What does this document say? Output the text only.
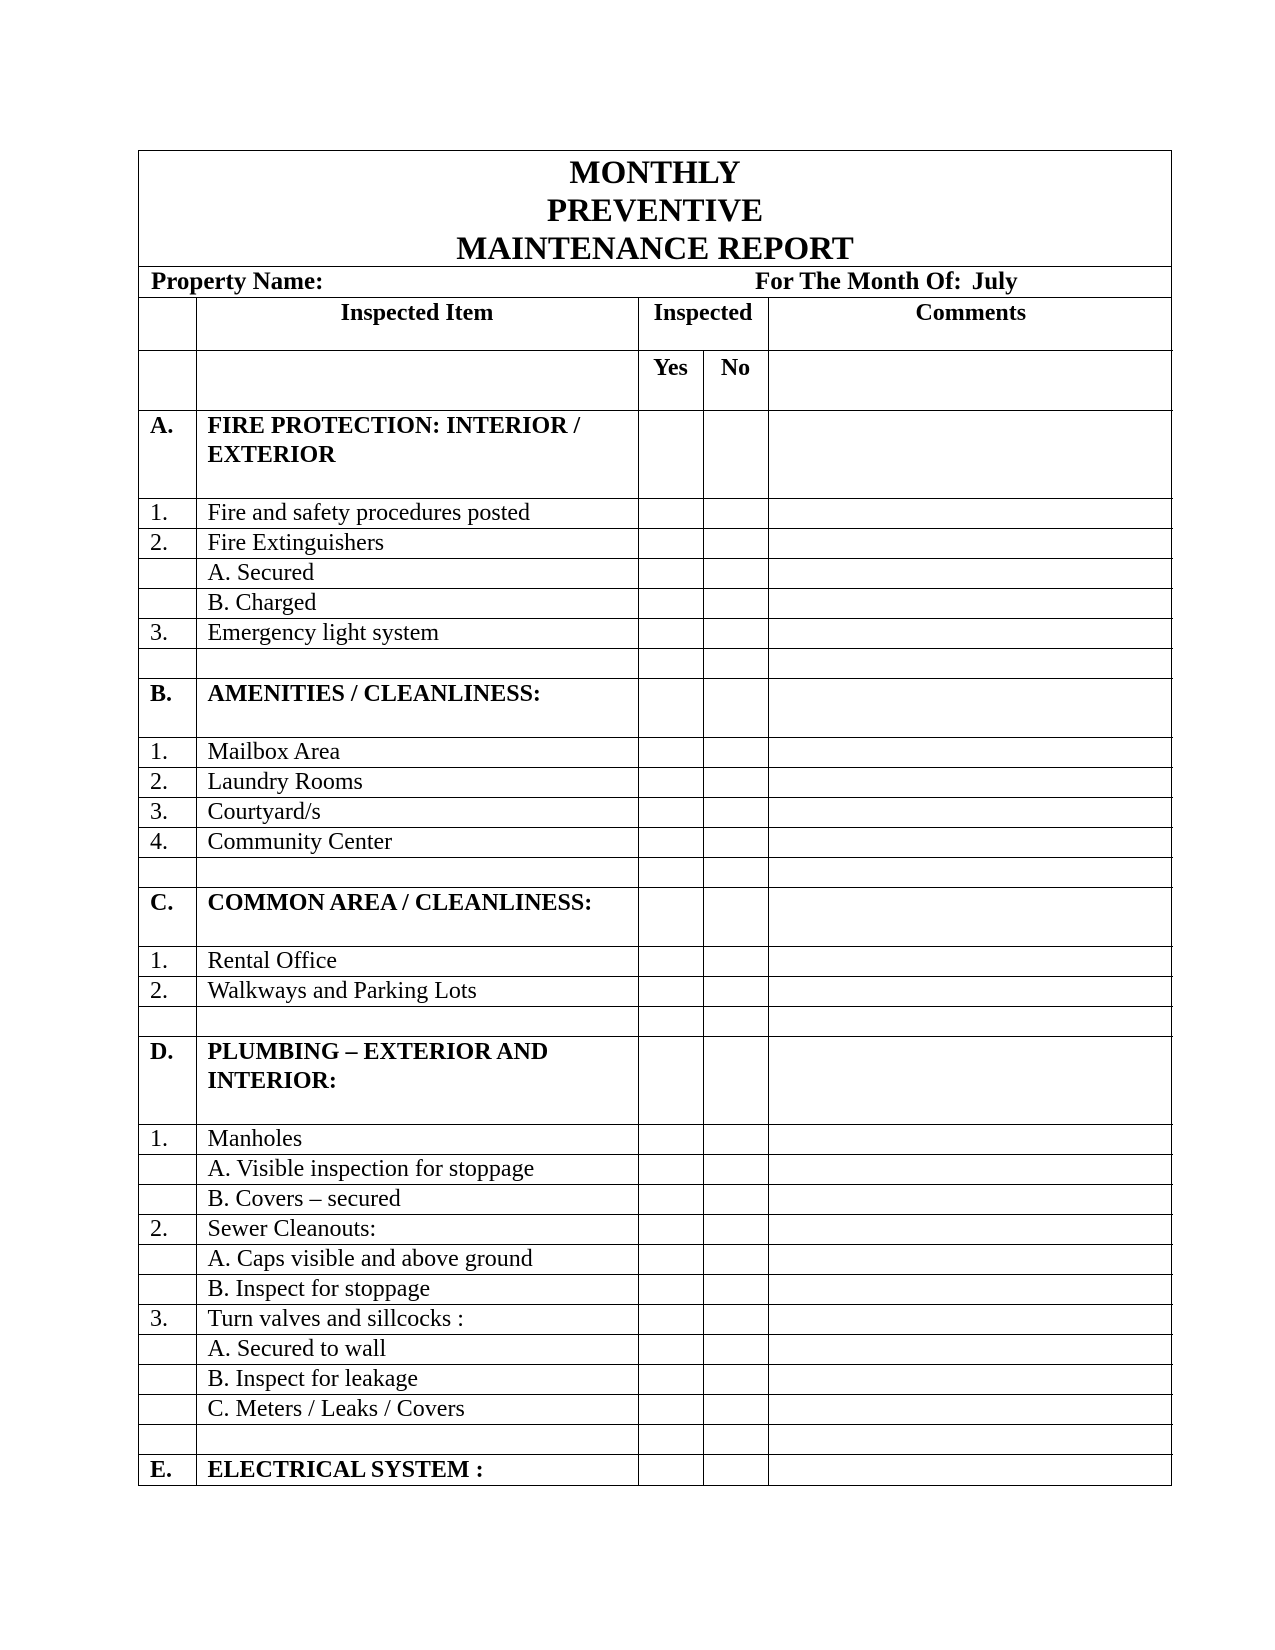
MONTHLY
PREVENTIVE
MAINTENANCE REPORT
Property Name:	For The Month Of: July
	Inspected Item	Inspected		Comments
		Yes	No	
A.	FIRE PROTECTION: INTERIOR / EXTERIOR			
1.	Fire and safety procedures posted			
2.	Fire Extinguishers			
	A. Secured			
	B. Charged			
3.	Emergency light system			

B.	AMENITIES / CLEANLINESS:			
1.	Mailbox Area			
2.	Laundry Rooms			
3.	Courtyard/s			
4.	Community Center			

C.	COMMON AREA / CLEANLINESS:			
1.	Rental Office			
2.	Walkways and Parking Lots			

D.	PLUMBING – EXTERIOR AND INTERIOR:			
1.	Manholes			
	A. Visible inspection for stoppage			
	B. Covers – secured			
2.	Sewer Cleanouts:			
	A. Caps visible and above ground			
	B. Inspect for stoppage			
3.	Turn valves and sillcocks :			
	A. Secured to wall			
	B. Inspect for leakage			
	C. Meters / Leaks / Covers			

E.	ELECTRICAL SYSTEM :			
